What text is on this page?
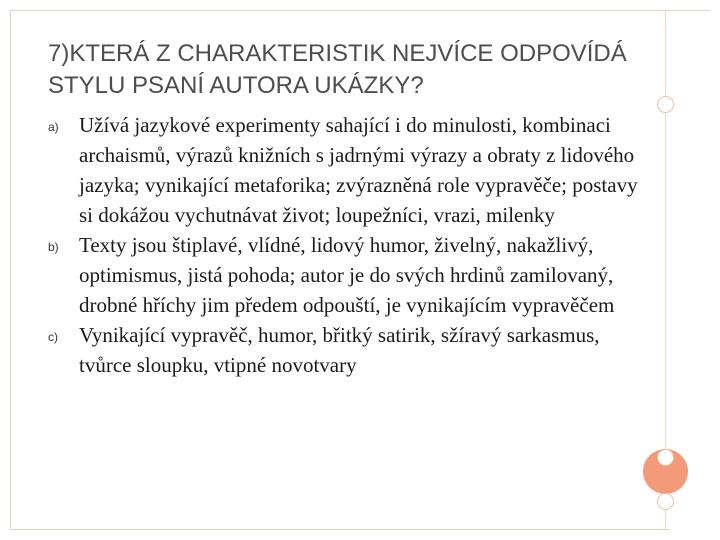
7)KTERÁ Z CHARAKTERISTIK NEJVÍCE ODPOVÍDÁ STYLU PSANÍ AUTORA UKÁZKY?
a) Užívá jazykové experimenty sahající i do minulosti, kombinaci archaismů, výrazů knižních s jadrnými výrazy a obraty z lidového jazyka; vynikající metaforika; zvýrazněná role vypravěče; postavy si dokážou vychutnávat život; loupežníci, vrazi, milenky
b) Texty jsou štiplavé, vlídné, lidový humor, živelný, nakažlivý, optimismus, jistá pohoda; autor je do svých hrdinů zamilovaný, drobné hříchy jim předem odpouští, je vynikajícím vypravěčem
c) Vynikající vypravěč, humor, břitký satirik, sžíravý sarkasmus, tvůrce sloupku, vtipné novotvary
